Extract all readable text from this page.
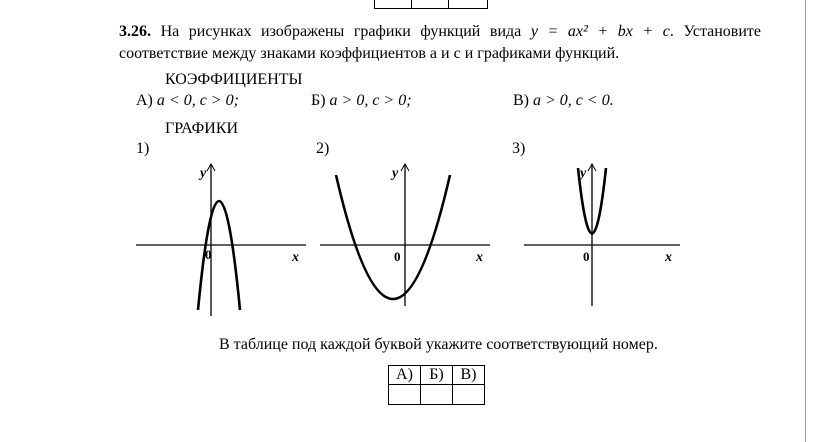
3.26. На рисунках изображены графики функций вида y = ax² + bx + c. Установите соответствие между знаками коэффициентов a и c и графиками функций.
КОЭФФИЦИЕНТЫ
А) a < 0, c > 0;	Б) a > 0, c > 0;	В) a > 0, c < 0.
ГРАФИКИ
1)	2)	3)
y
0	x
y
0	x
y
0	x
В таблице под каждой буквой укажите соответствующий номер.
А)	Б)	В)
